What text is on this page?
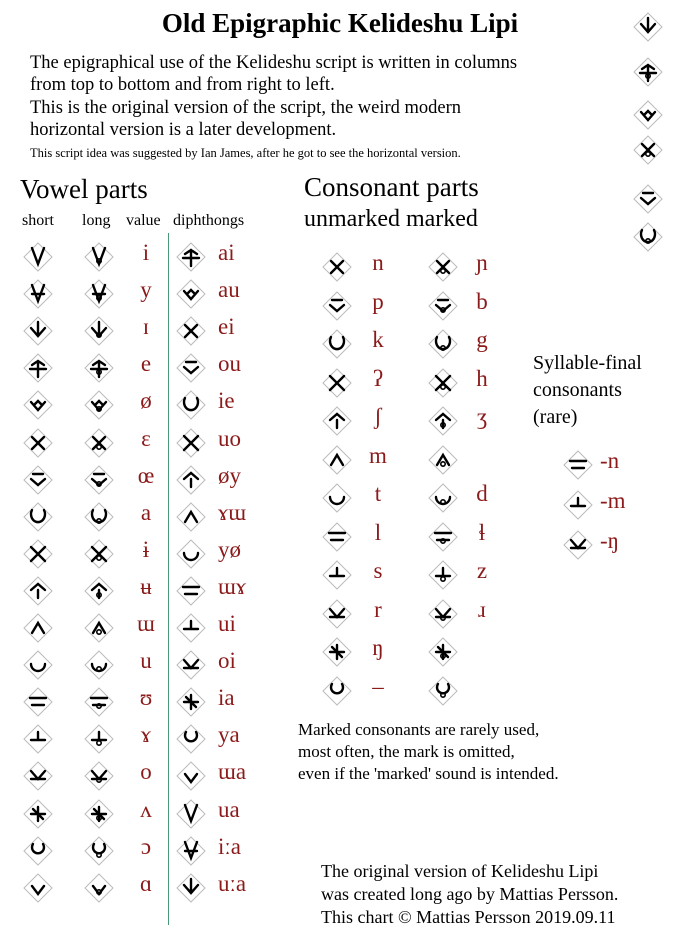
Old Epigraphic Kelideshu Lipi
The epigraphical use of the Kelideshu script is written in columns
from top to bottom and from right to left.
This is the original version of the script, the weird modern
horizontal version is a later development.
This script idea was suggested by Ian James, after he got to see the horizontal version.
Vowel parts
short long value diphthongs
Consonant parts
unmarked marked
Syllable-final
consonants
(rare)
Marked consonants are rarely used,
most often, the mark is omitted,
even if the 'marked' sound is intended.
The original version of Kelideshu Lipi
was created long ago by Mattias Persson.
This chart © Mattias Persson 2019.09.11
i	ai
y	au
ɪ	ei
e	ou
ø	ie
ɛ	uo
œ	øy
a	ɤɯ
ɨ	yø
ʉ	ɯɤ
ɯ	ui
u	oi
ʊ	ia
ɤ	ya
o	ɯa
ʌ	ua
ɔ	iːa
ɑ	uːa
n	ɲ
p	b
k	g
ʔ	h
ʃ	ʒ
m
t	d
l	ɬ
s	z
r	ɹ
ŋ
–
-n
-m
-ŋ
